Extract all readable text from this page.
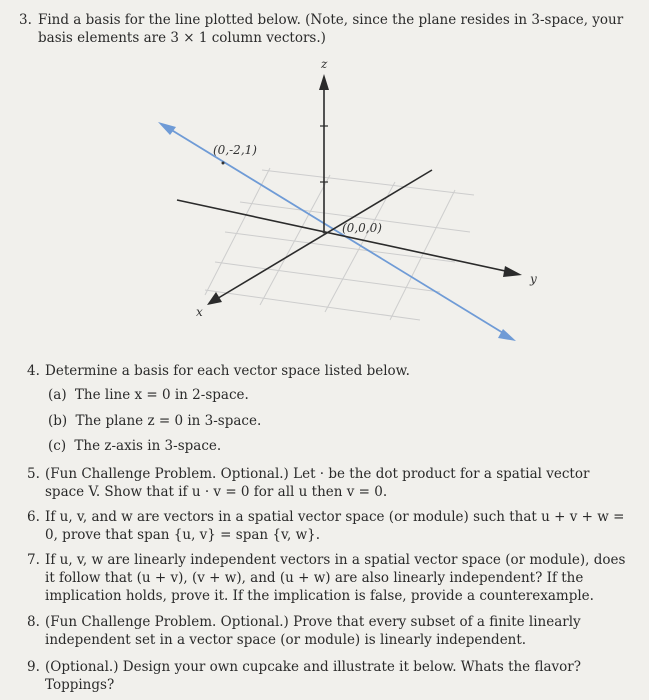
3. Find a basis for the line plotted below. (Note, since the plane resides in 3-space, your basis elements are 3 × 1 column vectors.)
z
y
x
(0,-2,1)
(0,0,0)
4. Determine a basis for each vector space listed below.
(a) The line x = 0 in 2-space.
(b) The plane z = 0 in 3-space.
(c) The z-axis in 3-space.
5. (Fun Challenge Problem. Optional.) Let · be the dot product for a spatial vector space V. Show that if u · v = 0 for all u then v = 0.
6. If u, v, and w are vectors in a spatial vector space (or module) such that u + v + w = 0, prove that span {u, v} = span {v, w}.
7. If u, v, w are linearly independent vectors in a spatial vector space (or module), does it follow that (u + v), (v + w), and (u + w) are also linearly independent? If the implication holds, prove it. If the implication is false, provide a counterexample.
8. (Fun Challenge Problem. Optional.) Prove that every subset of a finite linearly independent set in a vector space (or module) is linearly independent.
9. (Optional.) Design your own cupcake and illustrate it below. Whats the flavor? Toppings?
